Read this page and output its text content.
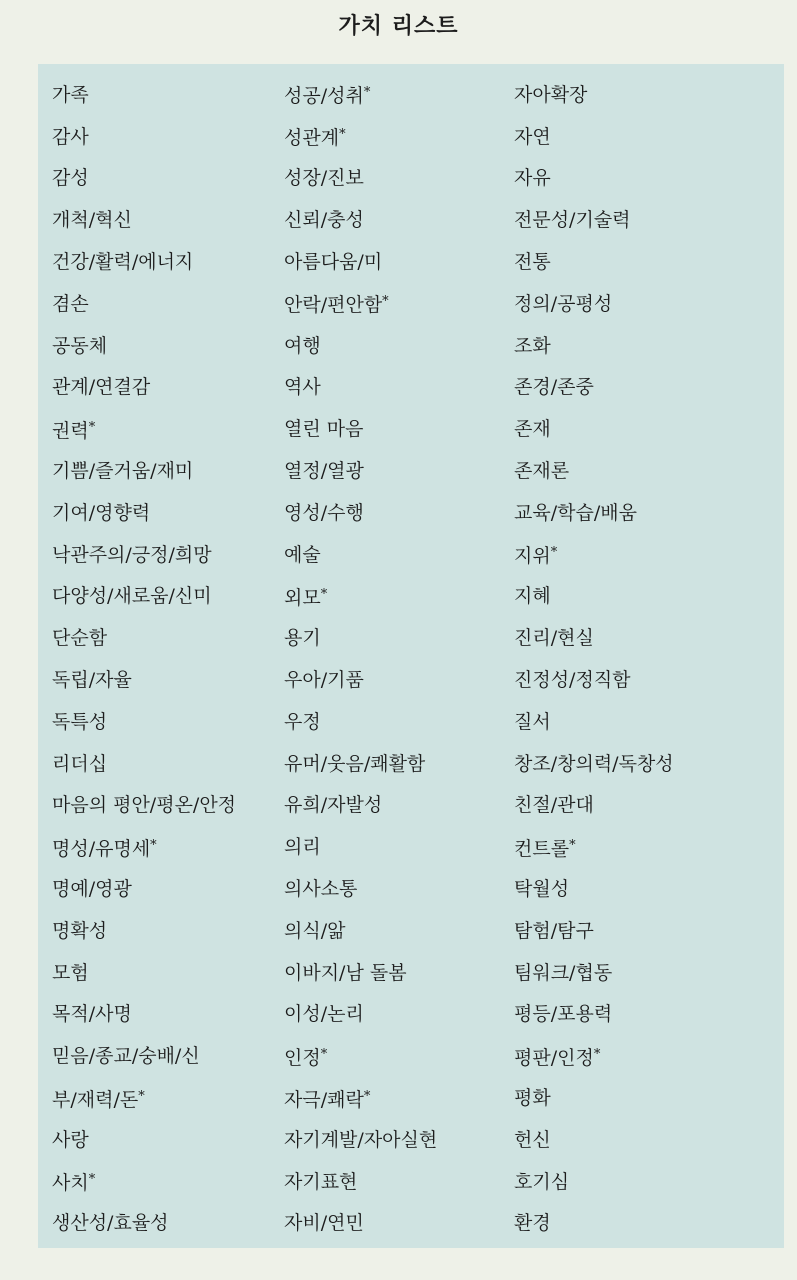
가치 리스트
가족	성공/성취*	자아확장
감사	성관계*	자연
감성	성장/진보	자유
개척/혁신	신뢰/충성	전문성/기술력
건강/활력/에너지	아름다움/미	전통
겸손	안락/편안함*	정의/공평성
공동체	여행	조화
관계/연결감	역사	존경/존중
권력*	열린 마음	존재
기쁨/즐거움/재미	열정/열광	존재론
기여/영향력	영성/수행	교육/학습/배움
낙관주의/긍정/희망	예술	지위*
다양성/새로움/신미	외모*	지혜
단순함	용기	진리/현실
독립/자율	우아/기품	진정성/정직함
독특성	우정	질서
리더십	유머/웃음/쾌활함	창조/창의력/독창성
마음의 평안/평온/안정	유희/자발성	친절/관대
명성/유명세*	의리	컨트롤*
명예/영광	의사소통	탁월성
명확성	의식/앎	탐험/탐구
모험	이바지/남 돌봄	팀워크/협동
목적/사명	이성/논리	평등/포용력
믿음/종교/숭배/신	인정*	평판/인정*
부/재력/돈*	자극/쾌락*	평화
사랑	자기계발/자아실현	헌신
사치*	자기표현	호기심
생산성/효율성	자비/연민	환경
